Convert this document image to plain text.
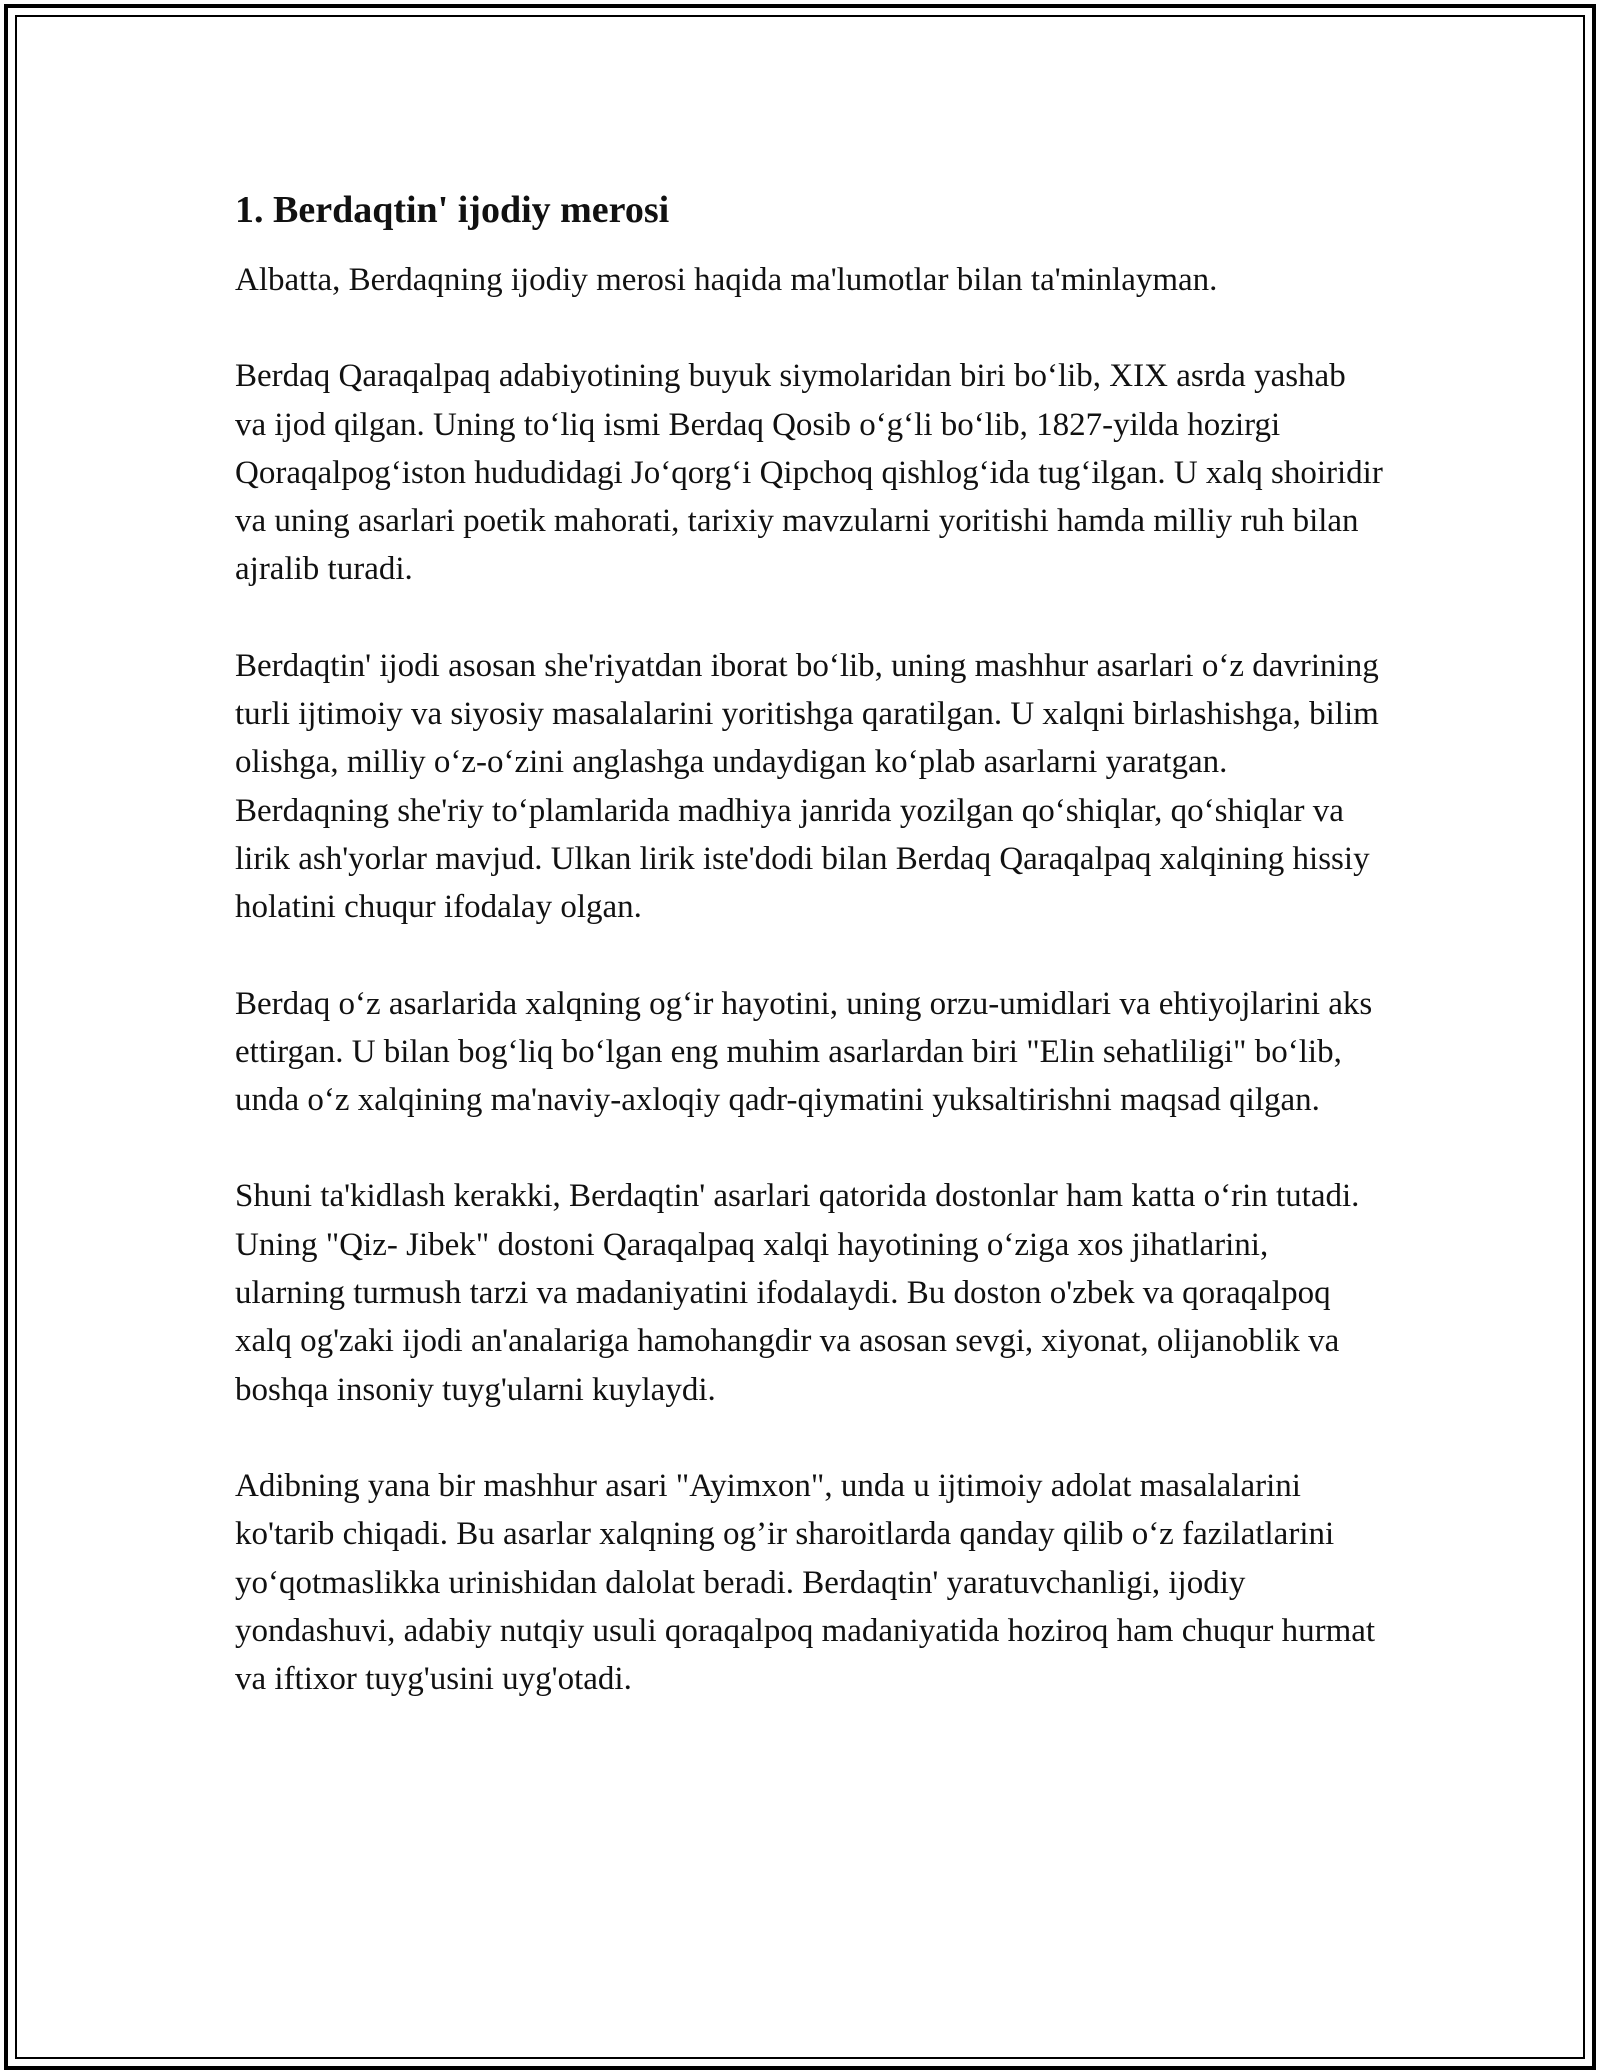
1. Berdaqtin' ijodiy merosi

Albatta, Berdaqning ijodiy merosi haqida ma'lumotlar bilan ta'minlayman.

Berdaq Qaraqalpaq adabiyotining buyuk siymolaridan biri bo‘lib, XIX asrda yashab va ijod qilgan. Uning to‘liq ismi Berdaq Qosib o‘g‘li bo‘lib, 1827-yilda hozirgi Qoraqalpog‘iston hududidagi Jo‘qorg‘i Qipchoq qishlog‘ida tug‘ilgan. U xalq shoiridir va uning asarlari poetik mahorati, tarixiy mavzularni yoritishi hamda milliy ruh bilan ajralib turadi.

Berdaqtin' ijodi asosan she'riyatdan iborat bo‘lib, uning mashhur asarlari o‘z davrining turli ijtimoiy va siyosiy masalalarini yoritishga qaratilgan. U xalqni birlashishga, bilim olishga, milliy o‘z-o‘zini anglashga undaydigan ko‘plab asarlarni yaratgan. Berdaqning she'riy to‘plamlarida madhiya janrida yozilgan qo‘shiqlar, qo‘shiqlar va lirik ash'yorlar mavjud. Ulkan lirik iste'dodi bilan Berdaq Qaraqalpaq xalqining hissiy holatini chuqur ifodalay olgan.

Berdaq o‘z asarlarida xalqning og‘ir hayotini, uning orzu-umidlari va ehtiyojlarini aks ettirgan. U bilan bog‘liq bo‘lgan eng muhim asarlardan biri "Elin sehatliligi" bo‘lib, unda o‘z xalqining ma'naviy-axloqiy qadr-qiymatini yuksaltirishni maqsad qilgan.

Shuni ta'kidlash kerakki, Berdaqtin' asarlari qatorida dostonlar ham katta o‘rin tutadi. Uning "Qiz- Jibek" dostoni Qaraqalpaq xalqi hayotining o‘ziga xos jihatlarini, ularning turmush tarzi va madaniyatini ifodalaydi. Bu doston o'zbek va qoraqalpoq xalq og'zaki ijodi an'analariga hamohangdir va asosan sevgi, xiyonat, olijanoblik va boshqa insoniy tuyg'ularni kuylaydi.

Adibning yana bir mashhur asari "Ayimxon", unda u ijtimoiy adolat masalalarini ko'tarib chiqadi. Bu asarlar xalqning og’ir sharoitlarda qanday qilib o‘z fazilatlarini yo‘qotmaslikka urinishidan dalolat beradi. Berdaqtin' yaratuvchanligi, ijodiy yondashuvi, adabiy nutqiy usuli qoraqalpoq madaniyatida hoziroq ham chuqur hurmat va iftixor tuyg'usini uyg'otadi.
